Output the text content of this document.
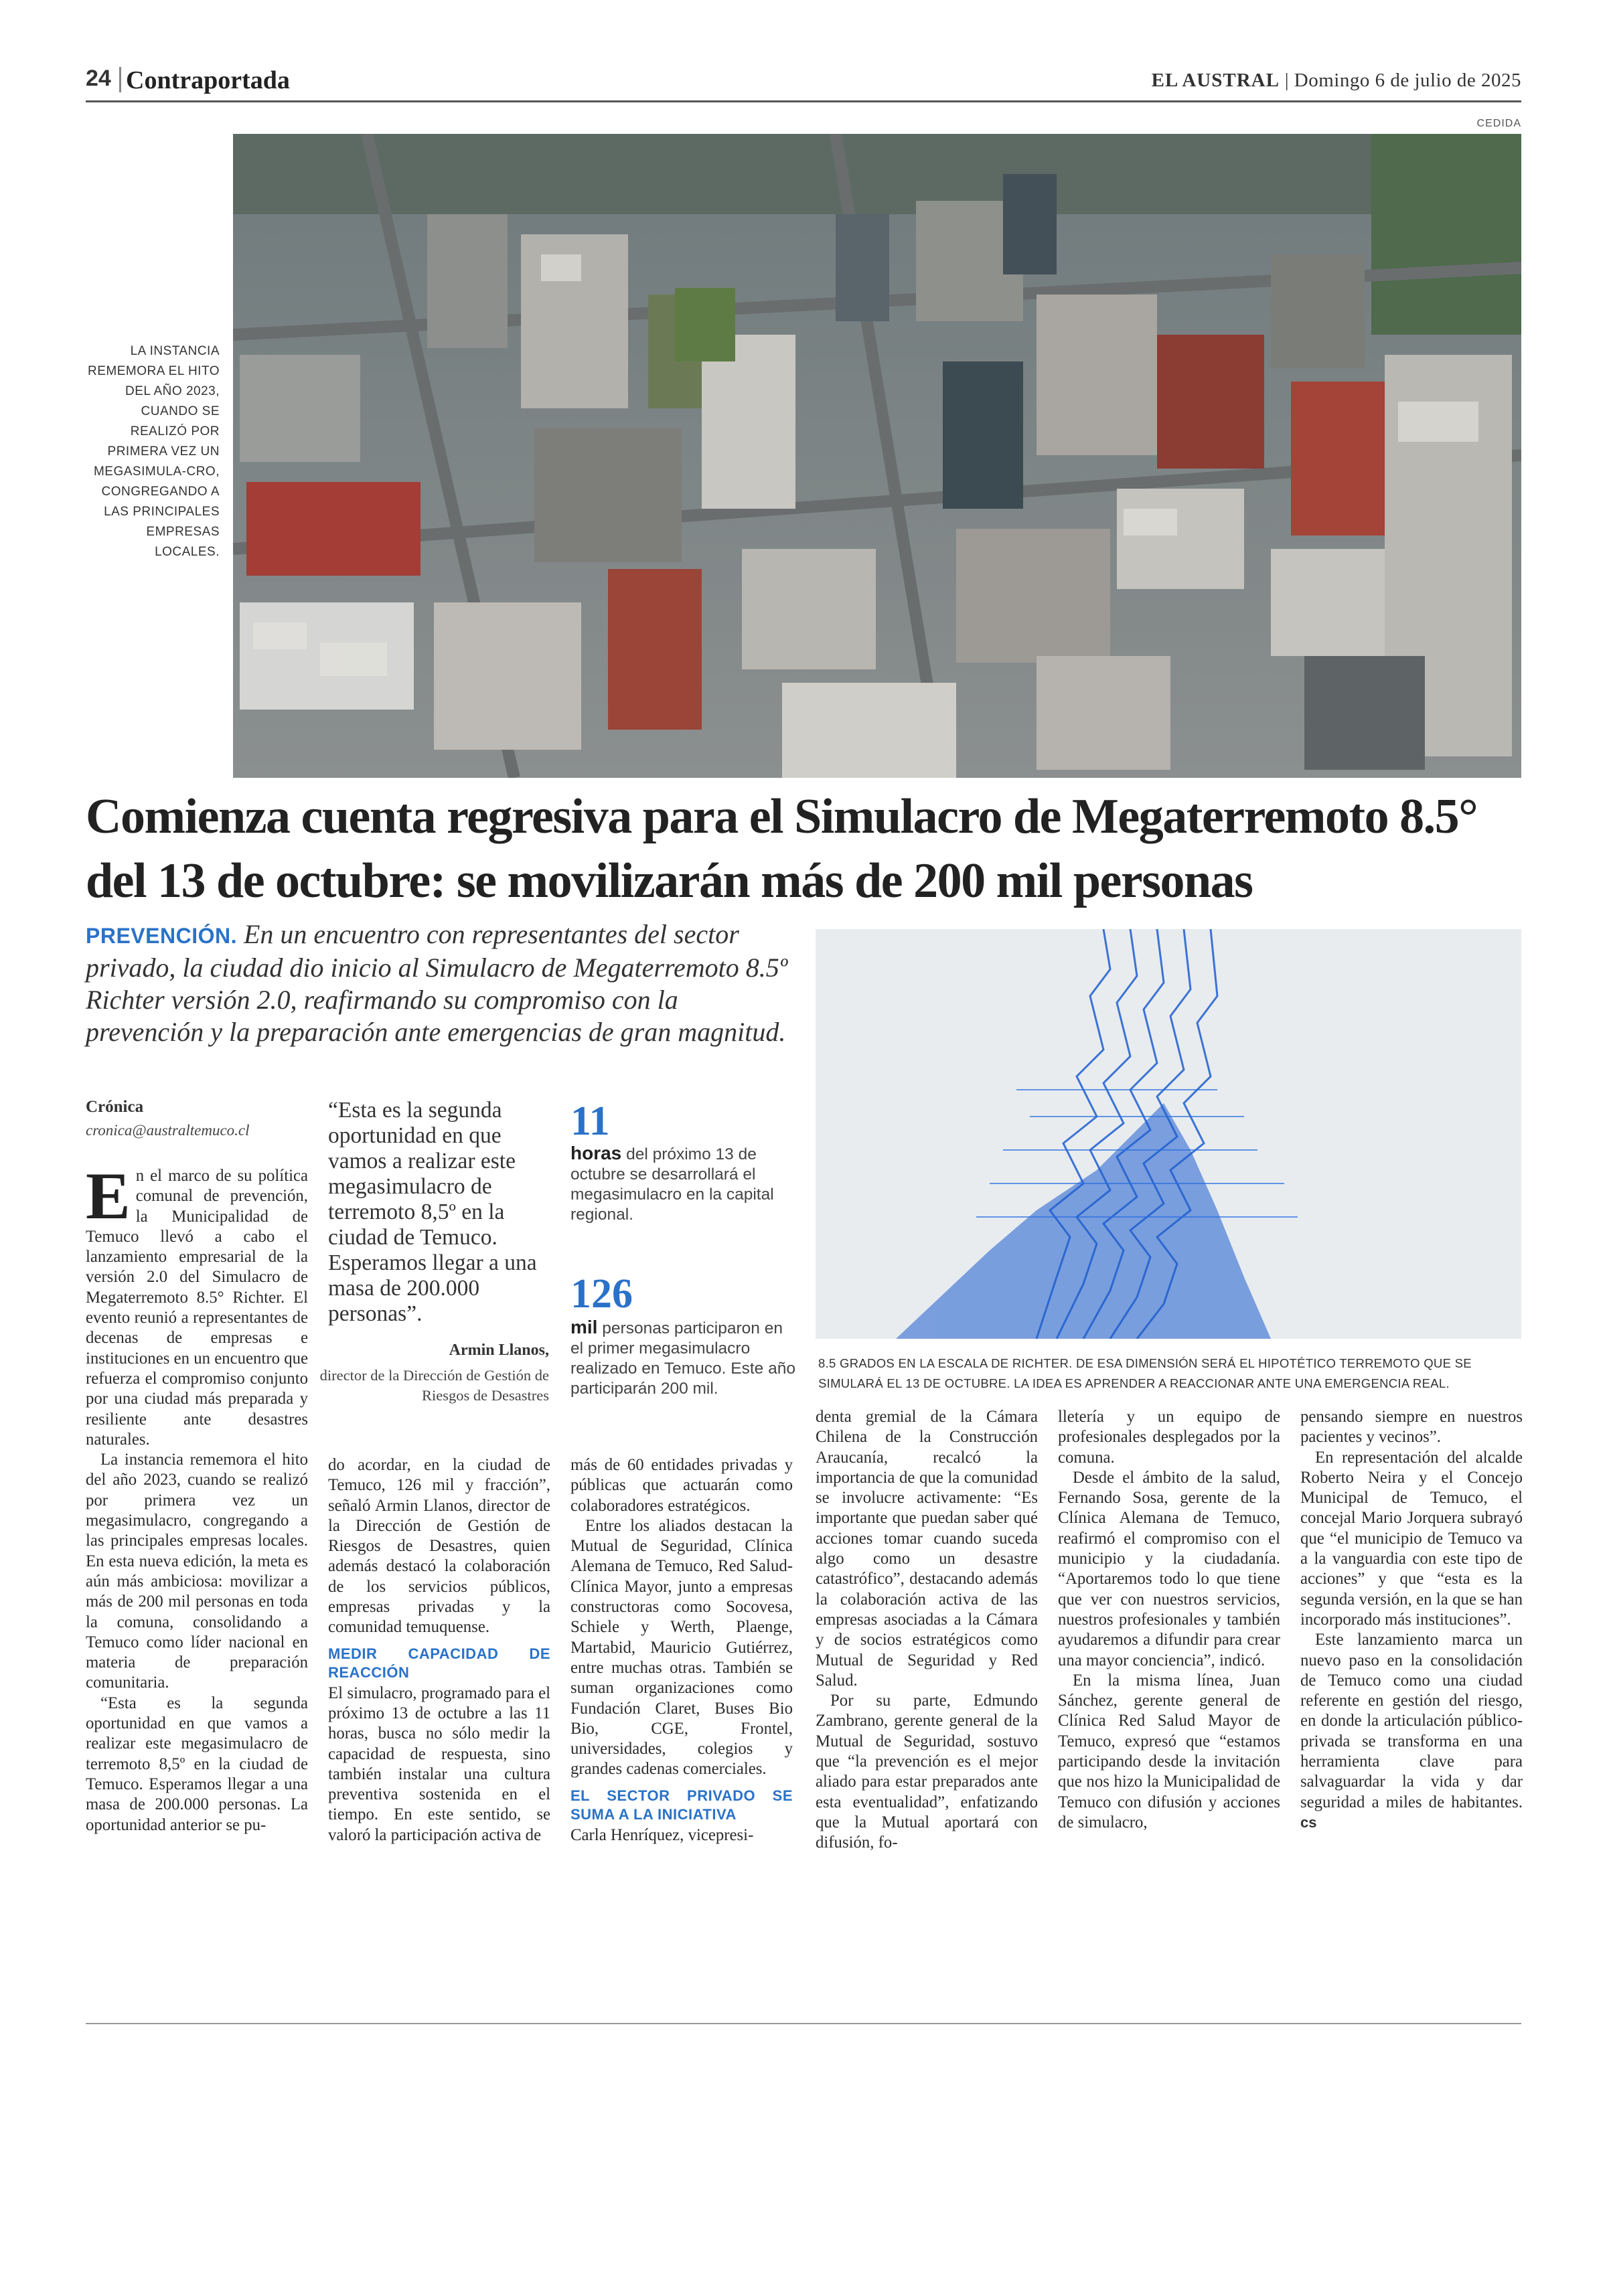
24 Contraportada	EL AUSTRAL | Domingo 6 de julio de 2025
CEDIDA
LA INSTANCIA REMEMORA EL HITO DEL AÑO 2023, CUANDO SE REALIZÓ POR PRIMERA VEZ UN MEGASIMULA-CRO, CONGREGANDO A LAS PRINCIPALES EMPRESAS LOCALES.
Comienza cuenta regresiva para el Simulacro de Megaterremoto 8.5° del 13 de octubre: se movilizarán más de 200 mil personas
PREVENCIÓN. En un encuentro con representantes del sector privado, la ciudad dio inicio al Simulacro de Megaterremoto 8.5º Richter versión 2.0, reafirmando su compromiso con la prevención y la preparación ante emergencias de gran magnitud.
8.5 GRADOS EN LA ESCALA DE RICHTER. DE ESA DIMENSIÓN SERÁ EL HIPOTÉTICO TERREMOTO QUE SE SIMULARÁ EL 13 DE OCTUBRE. LA IDEA ES APRENDER A REACCIONAR ANTE UNA EMERGENCIA REAL.
Crónica
cronica@australtemuco.cl
“Esta es la segunda oportunidad en que vamos a realizar este megasimulacro de terremoto 8,5º en la ciudad de Temuco. Esperamos llegar a una masa de 200.000 personas”.
Armin Llanos,
director de la Dirección de Gestión de Riesgos de Desastres
11
horas del próximo 13 de octubre se desarrollará el megasimulacro en la capital regional.
126
mil personas participaron en el primer megasimulacro realizado en Temuco. Este año participarán 200 mil.

En el marco de su política comunal de prevención, la Municipalidad de Temuco llevó a cabo el lanzamiento empresarial de la versión 2.0 del Simulacro de Megaterremoto 8.5° Richter. El evento reunió a representantes de decenas de empresas e instituciones en un encuentro que refuerza el compromiso conjunto por una ciudad más preparada y resiliente ante desastres naturales.

La instancia rememora el hito del año 2023, cuando se realizó por primera vez un megasimulacro, congregando a las principales empresas locales. En esta nueva edición, la meta es aún más ambiciosa: movilizar a más de 200 mil personas en toda la comuna, consolidando a Temuco como líder nacional en materia de preparación comunitaria.

“Esta es la segunda oportunidad en que vamos a realizar este megasimulacro de terremoto 8,5º en la ciudad de Temuco. Esperamos llegar a una masa de 200.000 personas. La oportunidad anterior se pu-

do acordar, en la ciudad de Temuco, 126 mil y fracción”, señaló Armin Llanos, director de la Dirección de Gestión de Riesgos de Desastres, quien además destacó la colaboración de los servicios públicos, empresas privadas y la comunidad temuquense.

MEDIR CAPACIDAD DE REACCIÓN

El simulacro, programado para el próximo 13 de octubre a las 11 horas, busca no sólo medir la capacidad de respuesta, sino también instalar una cultura preventiva sostenida en el tiempo. En este sentido, se valoró la participación activa de

más de 60 entidades privadas y públicas que actuarán como colaboradores estratégicos.

Entre los aliados destacan la Mutual de Seguridad, Clínica Alemana de Temuco, Red Salud-Clínica Mayor, junto a empresas constructoras como Socovesa, Schiele y Werth, Plaenge, Martabid, Mauricio Gutiérrez, entre muchas otras. También se suman organizaciones como Fundación Claret, Buses Bio Bio, CGE, Frontel, universidades, colegios y grandes cadenas comerciales.

EL SECTOR PRIVADO SE SUMA A LA INICIATIVA

Carla Henríquez, vicepresi-

denta gremial de la Cámara Chilena de la Construcción Araucanía, recalcó la importancia de que la comunidad se involucre activamente: “Es importante que puedan saber qué acciones tomar cuando suceda algo como un desastre catastrófico”, destacando además la colaboración activa de las empresas asociadas a la Cámara y de socios estratégicos como Mutual de Seguridad y Red Salud.

Por su parte, Edmundo Zambrano, gerente general de la Mutual de Seguridad, sostuvo que “la prevención es el mejor aliado para estar preparados ante esta eventualidad”, enfatizando que la Mutual aportará con difusión, fo-

lletería y un equipo de profesionales desplegados por la comuna.

Desde el ámbito de la salud, Fernando Sosa, gerente de la Clínica Alemana de Temuco, reafirmó el compromiso con el municipio y la ciudadanía. “Aportaremos todo lo que tiene que ver con nuestros servicios, nuestros profesionales y también ayudaremos a difundir para crear una mayor conciencia”, indicó.

En la misma línea, Juan Sánchez, gerente general de Clínica Red Salud Mayor de Temuco, expresó que “estamos participando desde la invitación que nos hizo la Municipalidad de Temuco con difusión y acciones de simulacro,

pensando siempre en nuestros pacientes y vecinos”.

En representación del alcalde Roberto Neira y el Concejo Municipal de Temuco, el concejal Mario Jorquera subrayó que “el municipio de Temuco va a la vanguardia con este tipo de acciones” y que “esta es la segunda versión, en la que se han incorporado más instituciones”.

Este lanzamiento marca un nuevo paso en la consolidación de Temuco como una ciudad referente en gestión del riesgo, en donde la articulación público-privada se transforma en una herramienta clave para salvaguardar la vida y dar seguridad a miles de habitantes. cs
